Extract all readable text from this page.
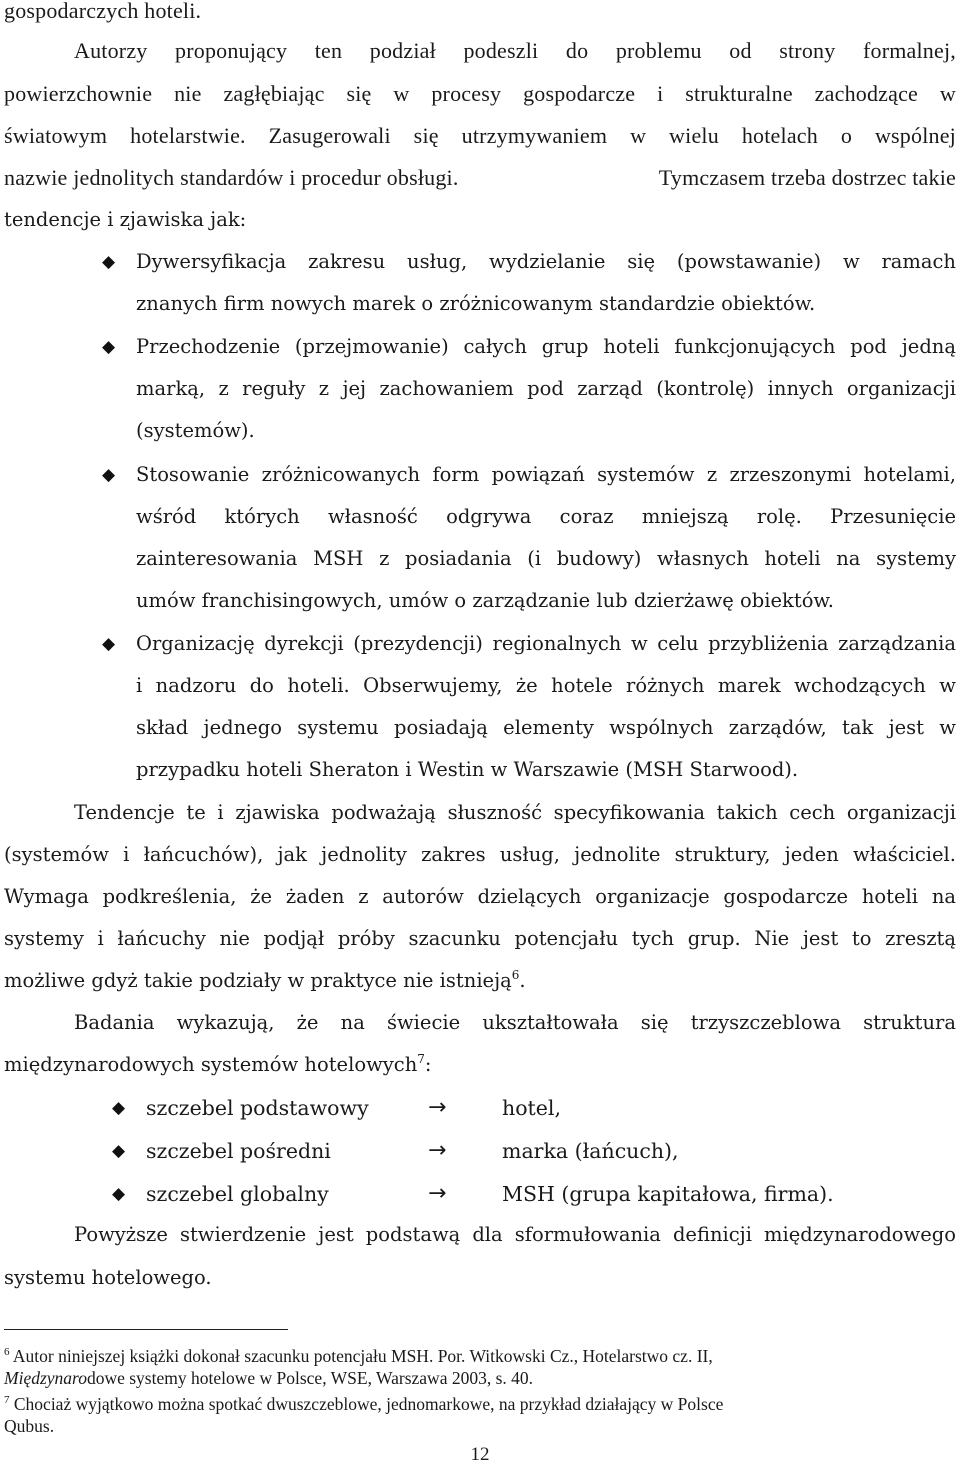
gospodarczych hoteli.
Autorzy proponujący ten podział podeszli do problemu od strony formalnej,
powierzchownie nie zagłębiając się w procesy gospodarcze i strukturalne zachodzące w
światowym hotelarstwie. Zasugerowali się utrzymywaniem w wielu hotelach o wspólnej
nazwie jednolitych standardów i procedur obsługi.	Tymczasem trzeba dostrzec takie
tendencje i zjawiska jak:
◆ Dywersyfikacja zakresu usług, wydzielanie się (powstawanie) w ramach
znanych firm nowych marek o zróżnicowanym standardzie obiektów.
◆ Przechodzenie (przejmowanie) całych grup hoteli funkcjonujących pod jedną
marką, z reguły z jej zachowaniem pod zarząd (kontrolę) innych organizacji
(systemów).
◆ Stosowanie zróżnicowanych form powiązań systemów z zrzeszonymi hotelami,
wśród których własność odgrywa coraz mniejszą rolę. Przesunięcie
zainteresowania MSH z posiadania (i budowy) własnych hoteli na systemy
umów franchisingowych, umów o zarządzanie lub dzierżawę obiektów.
◆ Organizację dyrekcji (prezydencji) regionalnych w celu przybliżenia zarządzania
i nadzoru do hoteli. Obserwujemy, że hotele różnych marek wchodzących w
skład jednego systemu posiadają elementy wspólnych zarządów, tak jest w
przypadku hoteli Sheraton i Westin w Warszawie (MSH Starwood).
Tendencje te i zjawiska podważają słuszność specyfikowania takich cech organizacji
(systemów i łańcuchów), jak jednolity zakres usług, jednolite struktury, jeden właściciel.
Wymaga podkreślenia, że żaden z autorów dzielących organizacje gospodarcze hoteli na
systemy i łańcuchy nie podjął próby szacunku potencjału tych grup. Nie jest to zresztą
możliwe gdyż takie podziały w praktyce nie istnieją$^6$.
Badania wykazują, że na świecie ukształtowała się trzyszczeblowa struktura
międzynarodowych systemów hotelowych$^7$:
◆ szczebel podstawowy	→	hotel,
◆ szczebel pośredni	→	marka (łańcuch),
◆ szczebel globalny	→	MSH (grupa kapitałowa, firma).
Powyższe stwierdzenie jest podstawą dla sformułowania definicji międzynarodowego
systemu hotelowego.
$^6$ Autor niniejszej książki dokonał szacunku potencjału MSH. Por. Witkowski Cz., Hotelarstwo cz. II,
Międzynarodowe systemy hotelowe w Polsce, WSE, Warszawa 2003, s. 40.
$^7$ Chociaż wyjątkowo można spotkać dwuszczeblowe, jednomarkowe, na przykład działający w Polsce
Qubus.
12
